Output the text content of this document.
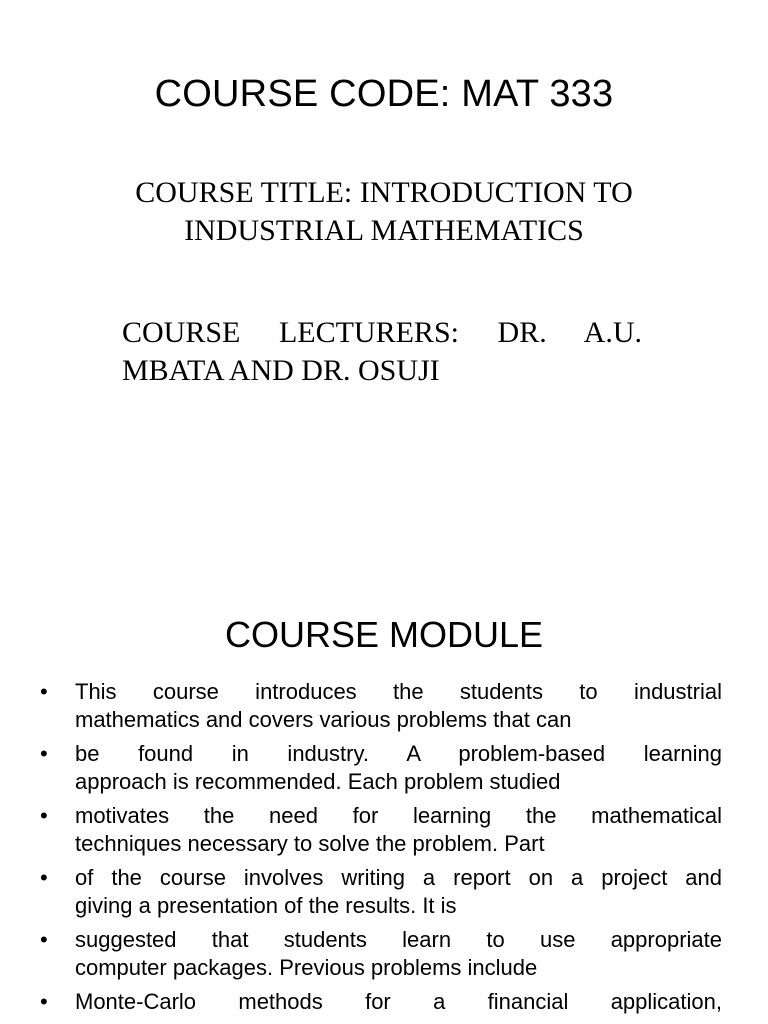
COURSE CODE: MAT 333

COURSE TITLE: INTRODUCTION TO INDUSTRIAL MATHEMATICS

COURSE LECTURERS: DR. A.U.
MBATA AND DR. OSUJI

COURSE MODULE
• This course introduces the students to industrial
mathematics and covers various problems that can
• be found in industry. A problem-based learning
approach is recommended. Each problem studied
• motivates the need for learning the mathematical
techniques necessary to solve the problem. Part
• of the course involves writing a report on a project and
giving a presentation of the results. It is
• suggested that students learn to use appropriate
computer packages. Previous problems include
• Monte-Carlo methods for a financial application,
